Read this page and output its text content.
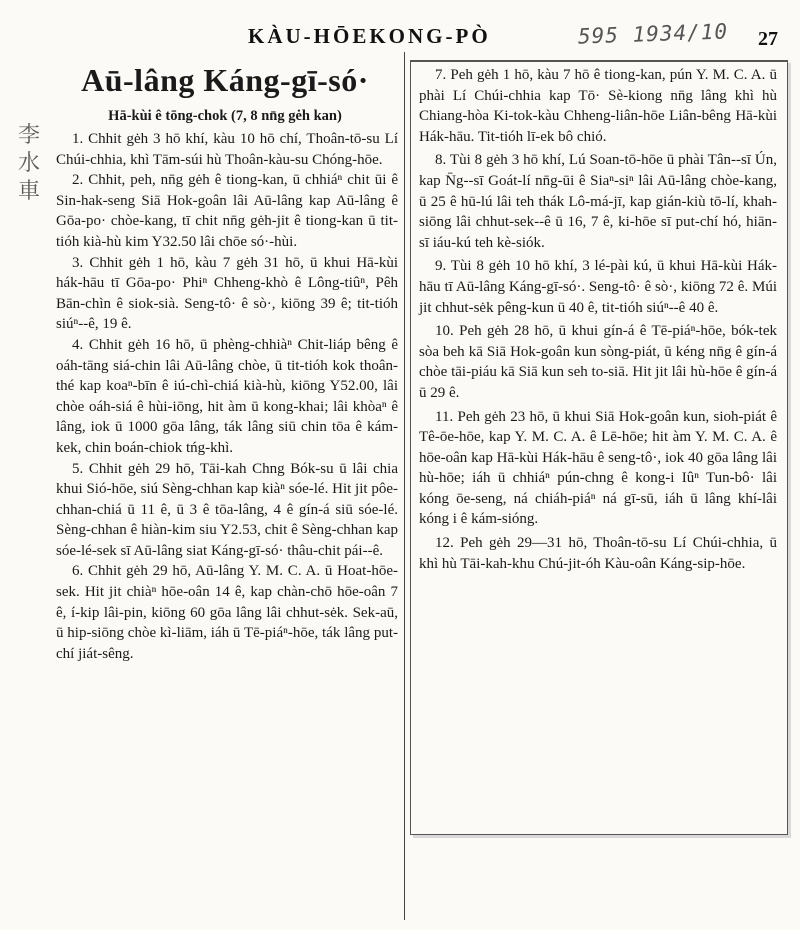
KÀU-HŌEKONG-PÒ	595 1934/10 27
李
水
車
Aū-lâng Káng-gī-só·
Hā-kùi ê tōng-chok (7, 8 nn̄g gėh kan)

1. Chhit gėh 3 hō khí, kàu 10 hō chí, Thoân-tō-su Lí Chúi-chhia, khì Tām-súi hù Thoân-kàu-su Chóng-hōe.

2. Chhit, peh, nn̄g gėh ê tiong-kan, ū chhiáⁿ chit ūi ê Sin-hak-seng Siā Hok-goân lâi Aū-lâng kap Aū-lâng ê Gōa-po· chòe-kang, tī chit nn̄g gėh-jit ê tiong-kan ū tit-tióh kià-hù kim Y32.50 lâi chōe só·-hùi.

3. Chhit gėh 1 hō, kàu 7 gėh 31 hō, ū khui Hā-kùi hák-hāu tī Gōa-po· Phiⁿ Chheng-khò ê Lông-tiûⁿ, Pêh Bān-chìn ê siok-sià. Seng-tô· ê sò·, kiōng 39 ê; tit-tióh siúⁿ--ê, 19 ê.

4. Chhit gėh 16 hō, ū phèng-chhiàⁿ Chit-liáp bêng ê oáh-tāng siá-chin lâi Aū-lâng chòe, ū tit-tióh kok thoân-thé kap koaⁿ-bīn ê iú-chì-chiá kià-hù, kiōng Y52.00, lâi chòe oáh-siá ê hùi-iōng, hit àm ū kong-khai; lâi khòaⁿ ê lâng, iok ū 1000 gōa lâng, ták lâng siū chin tōa ê kám-kek, chin boán-chiok tńg-khì.

5. Chhit gėh 29 hō, Tāi-kah Chng Bók-su ū lâi chia khui Sió-hōe, siú Sèng-chhan kap kiàⁿ sóe-lé. Hit jit pôe-chhan-chiá ū 11 ê, ū 3 ê tōa-lâng, 4 ê gín-á siū sóe-lé. Sèng-chhan ê hiàn-kim siu Y2.53, chit ê Sèng-chhan kap sóe-lé-sek sī Aū-lâng siat Káng-gī-só· thâu-chit pái--ê.

6. Chhit gėh 29 hō, Aū-lâng Y. M. C. A. ū Hoat-hōe-sek. Hit jit chiàⁿ hōe-oân 14 ê, kap chàn-chō hōe-oân 7 ê, í-kip lâi-pin, kiōng 60 gōa lâng lâi chhut-sėk. Sek-aū, ū hip-siōng chòe kì-liām, iáh ū Tē-piáⁿ-hōe, ták lâng put-chí jiát-sêng.

7. Peh gėh 1 hō, kàu 7 hō ê tiong-kan, pún Y. M. C. A. ū phài Lí Chúi-chhia kap Tō· Sè-kiong nn̄g lâng khì hù Chiang-hòa Ki-tok-kàu Chheng-liân-hōe Liân-bêng Hā-kùi Hák-hāu. Tit-tióh lī-ek bô chió.

8. Tùi 8 gėh 3 hō khí, Lú Soan-tō-hōe ū phài Tân--sī Ún, kap N̄g--sī Goát-lí nn̄g-ūi ê Siaⁿ-siⁿ lâi Aū-lâng chòe-kang, ū 25 ê hū-lú lâi teh thák Lô-má-jī, kap gián-kiù tō-lí, khah-siōng lâi chhut-sek--ê ū 16, 7 ê, ki-hōe sī put-chí hó, hiān-sī iáu-kú teh kè-siók.

9. Tùi 8 gėh 10 hō khí, 3 lé-pài kú, ū khui Hā-kùi Hák-hāu tī Aū-lâng Káng-gī-só·. Seng-tô· ê sò·, kiōng 72 ê. Múi jit chhut-sėk pêng-kun ū 40 ê, tit-tióh siúⁿ--ê 40 ê.

10. Peh gėh 28 hō, ū khui gín-á ê Tē-piáⁿ-hōe, bók-tek sòa beh kā Siā Hok-goân kun sòng-piát, ū kéng nn̄g ê gín-á chòe tāi-piáu kā Siā kun seh to-siā. Hit jit lâi hù-hōe ê gín-á ū 29 ê.

11. Peh gėh 23 hō, ū khui Siā Hok-goân kun, sioh-piát ê Tê-ōe-hōe, kap Y. M. C. A. ê Lē-hōe; hit àm Y. M. C. A. ê hōe-oân kap Hā-kùi Hák-hāu ê seng-tô·, iok 40 gōa lâng lâi hù-hōe; iáh ū chhiáⁿ pún-chng ê kong-i Iûⁿ Tun-bô· lâi kóng ōe-seng, ná chiáh-piáⁿ ná gī-sū, iáh ū lâng khí-lâi kóng i ê kám-sióng.

12. Peh gėh 29—31 hō, Thoân-tō-su Lí Chúi-chhia, ū khì hù Tāi-kah-khu Chú-jit-óh Kàu-oân Káng-sip-hōe.
